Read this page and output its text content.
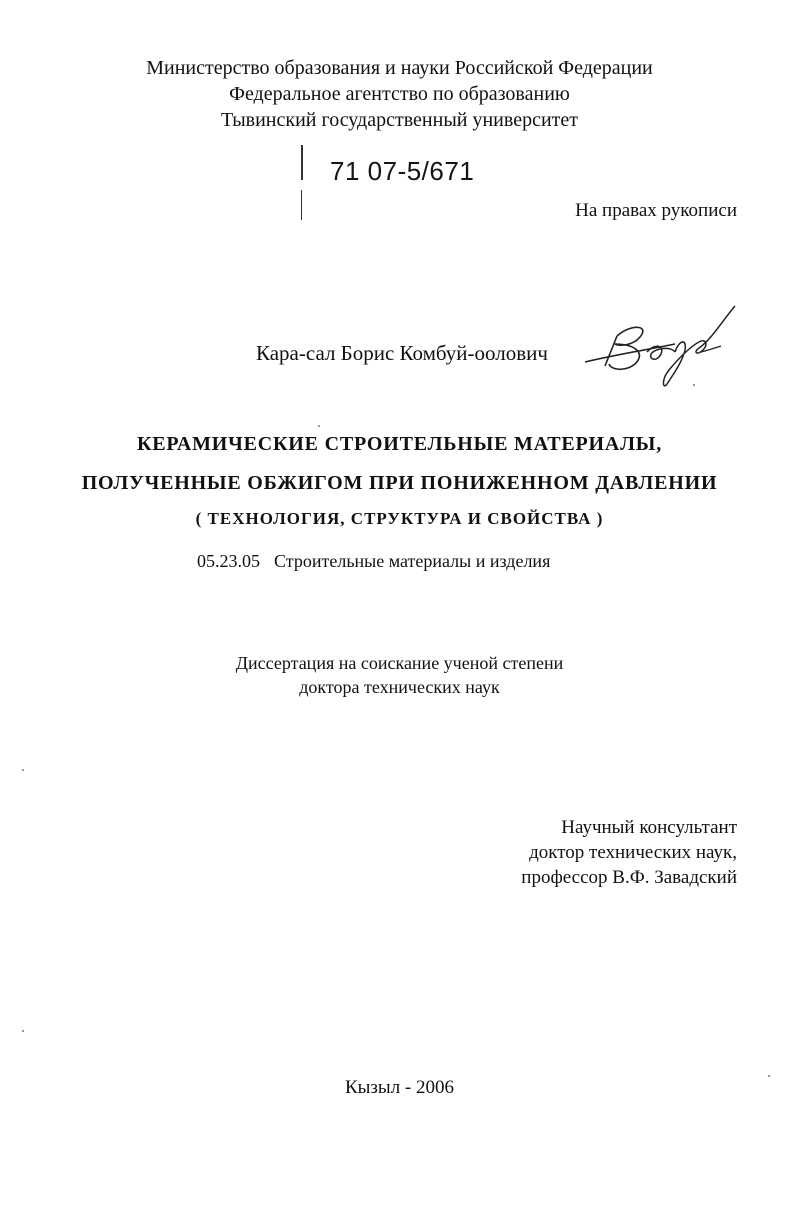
Министерство образования и науки Российской Федерации
Федеральное агентство по образованию
Тывинский государственный университет
71 07-5/671
На правах рукописи
Кара-сал Борис Комбуй-оолович
КЕРАМИЧЕСКИЕ СТРОИТЕЛЬНЫЕ МАТЕРИАЛЫ,
ПОЛУЧЕННЫЕ ОБЖИГОМ ПРИ ПОНИЖЕННОМ ДАВЛЕНИИ
( ТЕХНОЛОГИЯ, СТРУКТУРА И СВОЙСТВА )
05.23.05 Строительные материалы и изделия
Диссертация на соискание ученой степени
доктора технических наук
Научный консультант
доктор технических наук,
профессор В.Ф. Завадский
Кызыл - 2006
